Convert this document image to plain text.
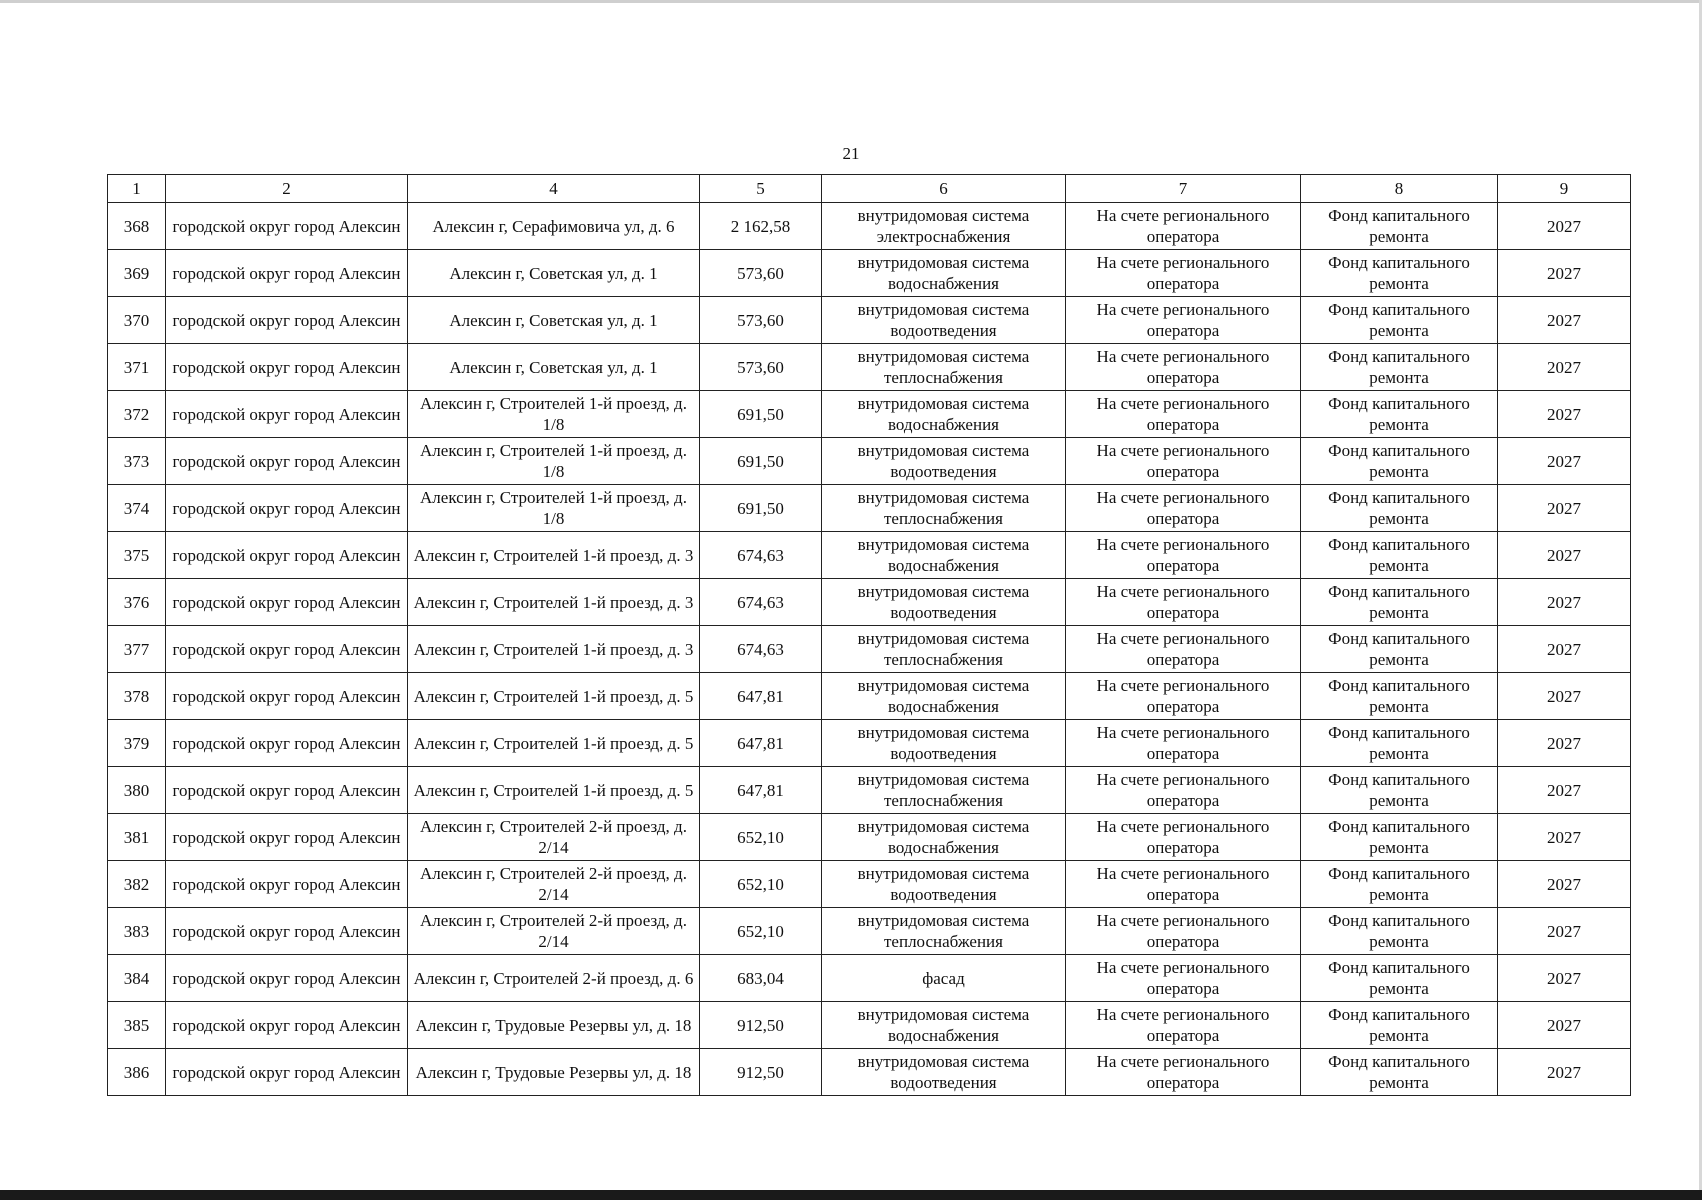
21
1	2	4	5	6	7	8	9
368	городской округ город Алексин	Алексин г, Серафимовича ул, д. 6	2 162,58	внутридомовая система электроснабжения	На счете регионального оператора	Фонд капитального ремонта	2027
369	городской округ город Алексин	Алексин г, Советская ул, д. 1	573,60	внутридомовая система водоснабжения	На счете регионального оператора	Фонд капитального ремонта	2027
370	городской округ город Алексин	Алексин г, Советская ул, д. 1	573,60	внутридомовая система водоотведения	На счете регионального оператора	Фонд капитального ремонта	2027
371	городской округ город Алексин	Алексин г, Советская ул, д. 1	573,60	внутридомовая система теплоснабжения	На счете регионального оператора	Фонд капитального ремонта	2027
372	городской округ город Алексин	Алексин г, Строителей 1-й проезд, д. 1/8	691,50	внутридомовая система водоснабжения	На счете регионального оператора	Фонд капитального ремонта	2027
373	городской округ город Алексин	Алексин г, Строителей 1-й проезд, д. 1/8	691,50	внутридомовая система водоотведения	На счете регионального оператора	Фонд капитального ремонта	2027
374	городской округ город Алексин	Алексин г, Строителей 1-й проезд, д. 1/8	691,50	внутридомовая система теплоснабжения	На счете регионального оператора	Фонд капитального ремонта	2027
375	городской округ город Алексин	Алексин г, Строителей 1-й проезд, д. 3	674,63	внутридомовая система водоснабжения	На счете регионального оператора	Фонд капитального ремонта	2027
376	городской округ город Алексин	Алексин г, Строителей 1-й проезд, д. 3	674,63	внутридомовая система водоотведения	На счете регионального оператора	Фонд капитального ремонта	2027
377	городской округ город Алексин	Алексин г, Строителей 1-й проезд, д. 3	674,63	внутридомовая система теплоснабжения	На счете регионального оператора	Фонд капитального ремонта	2027
378	городской округ город Алексин	Алексин г, Строителей 1-й проезд, д. 5	647,81	внутридомовая система водоснабжения	На счете регионального оператора	Фонд капитального ремонта	2027
379	городской округ город Алексин	Алексин г, Строителей 1-й проезд, д. 5	647,81	внутридомовая система водоотведения	На счете регионального оператора	Фонд капитального ремонта	2027
380	городской округ город Алексин	Алексин г, Строителей 1-й проезд, д. 5	647,81	внутридомовая система теплоснабжения	На счете регионального оператора	Фонд капитального ремонта	2027
381	городской округ город Алексин	Алексин г, Строителей 2-й проезд, д. 2/14	652,10	внутридомовая система водоснабжения	На счете регионального оператора	Фонд капитального ремонта	2027
382	городской округ город Алексин	Алексин г, Строителей 2-й проезд, д. 2/14	652,10	внутридомовая система водоотведения	На счете регионального оператора	Фонд капитального ремонта	2027
383	городской округ город Алексин	Алексин г, Строителей 2-й проезд, д. 2/14	652,10	внутридомовая система теплоснабжения	На счете регионального оператора	Фонд капитального ремонта	2027
384	городской округ город Алексин	Алексин г, Строителей 2-й проезд, д. 6	683,04	фасад	На счете регионального оператора	Фонд капитального ремонта	2027
385	городской округ город Алексин	Алексин г, Трудовые Резервы ул, д. 18	912,50	внутридомовая система водоснабжения	На счете регионального оператора	Фонд капитального ремонта	2027
386	городской округ город Алексин	Алексин г, Трудовые Резервы ул, д. 18	912,50	внутридомовая система водоотведения	На счете регионального оператора	Фонд капитального ремонта	2027
